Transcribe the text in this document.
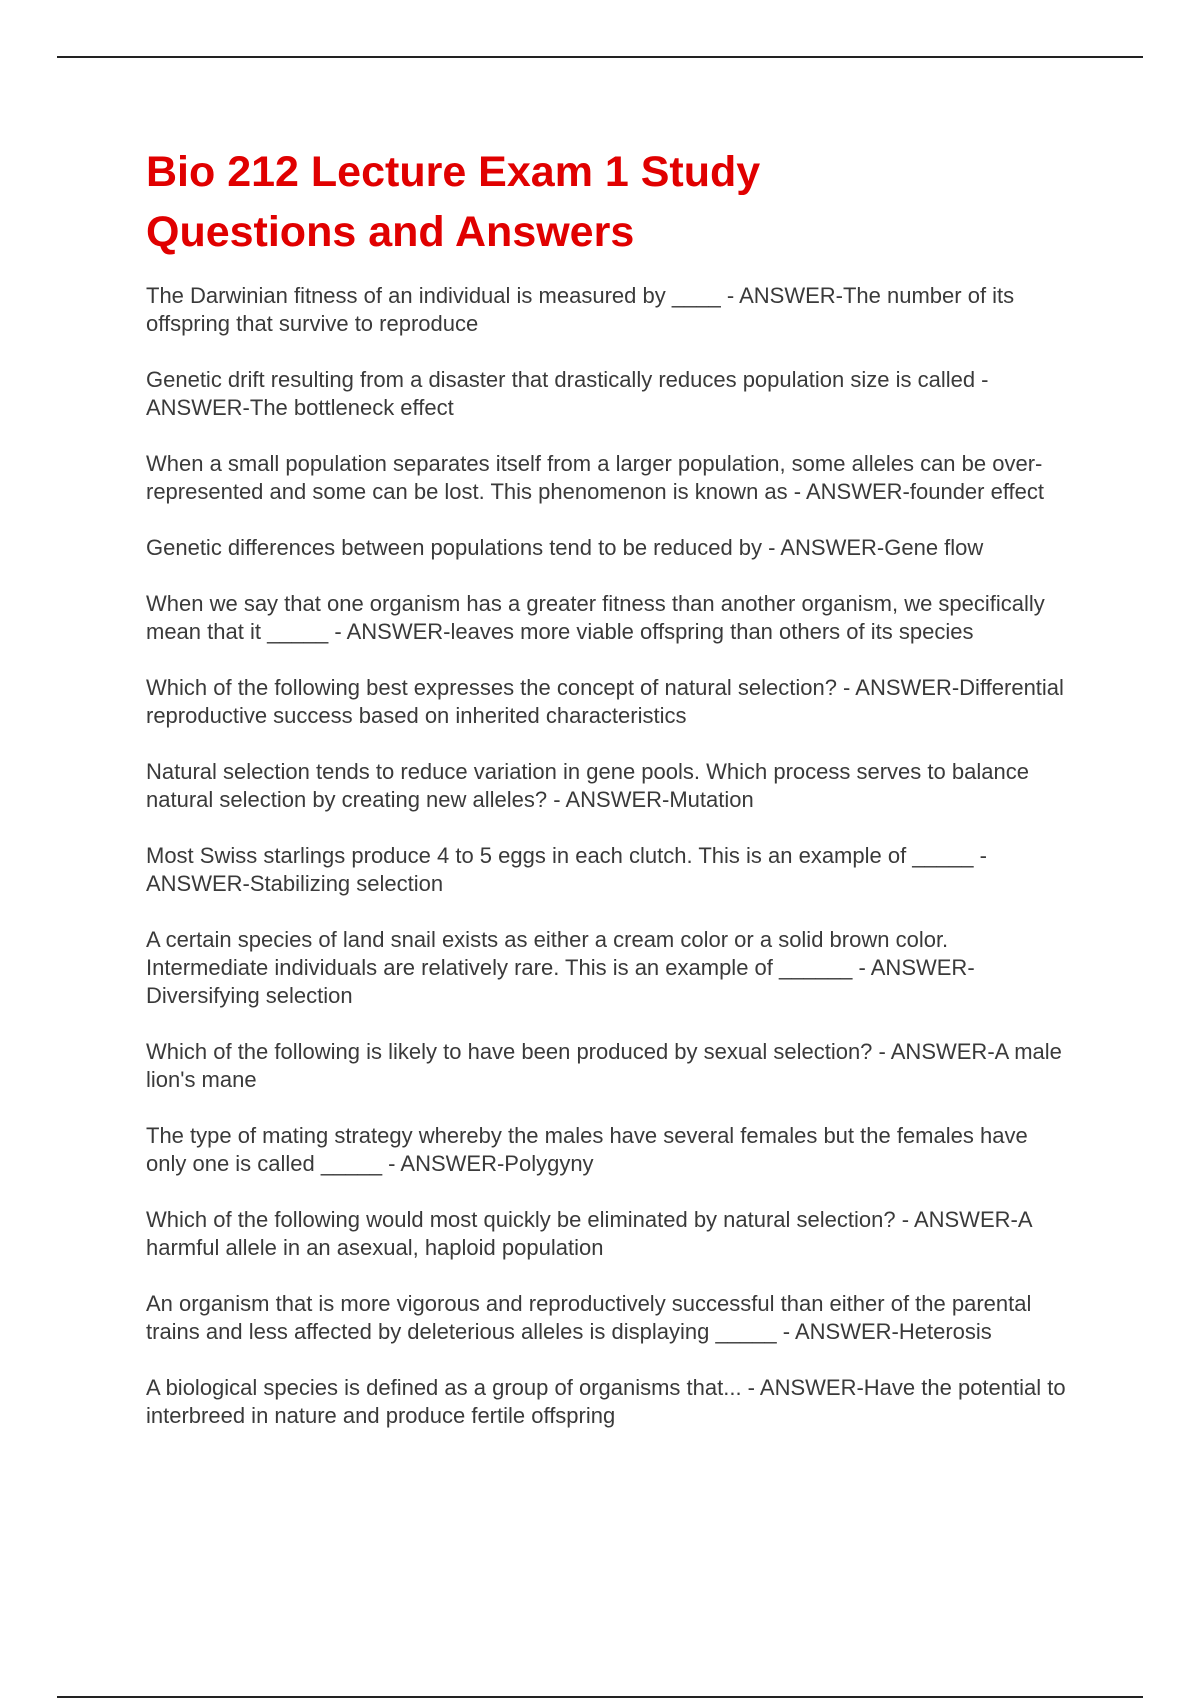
Bio 212 Lecture Exam 1 Study Questions and Answers
The Darwinian fitness of an individual is measured by ____ - ANSWER-The number of its offspring that survive to reproduce
Genetic drift resulting from a disaster that drastically reduces population size is called - ANSWER-The bottleneck effect
When a small population separates itself from a larger population, some alleles can be over-represented and some can be lost. This phenomenon is known as - ANSWER-founder effect
Genetic differences between populations tend to be reduced by - ANSWER-Gene flow
When we say that one organism has a greater fitness than another organism, we specifically mean that it _____ - ANSWER-leaves more viable offspring than others of its species
Which of the following best expresses the concept of natural selection? - ANSWER-Differential reproductive success based on inherited characteristics
Natural selection tends to reduce variation in gene pools. Which process serves to balance natural selection by creating new alleles? - ANSWER-Mutation
Most Swiss starlings produce 4 to 5 eggs in each clutch. This is an example of _____ - ANSWER-Stabilizing selection
A certain species of land snail exists as either a cream color or a solid brown color. Intermediate individuals are relatively rare. This is an example of ______ - ANSWER-Diversifying selection
Which of the following is likely to have been produced by sexual selection? - ANSWER-A male lion's mane
The type of mating strategy whereby the males have several females but the females have only one is called _____ - ANSWER-Polygyny
Which of the following would most quickly be eliminated by natural selection? - ANSWER-A harmful allele in an asexual, haploid population
An organism that is more vigorous and reproductively successful than either of the parental trains and less affected by deleterious alleles is displaying _____ - ANSWER-Heterosis
A biological species is defined as a group of organisms that... - ANSWER-Have the potential to interbreed in nature and produce fertile offspring
